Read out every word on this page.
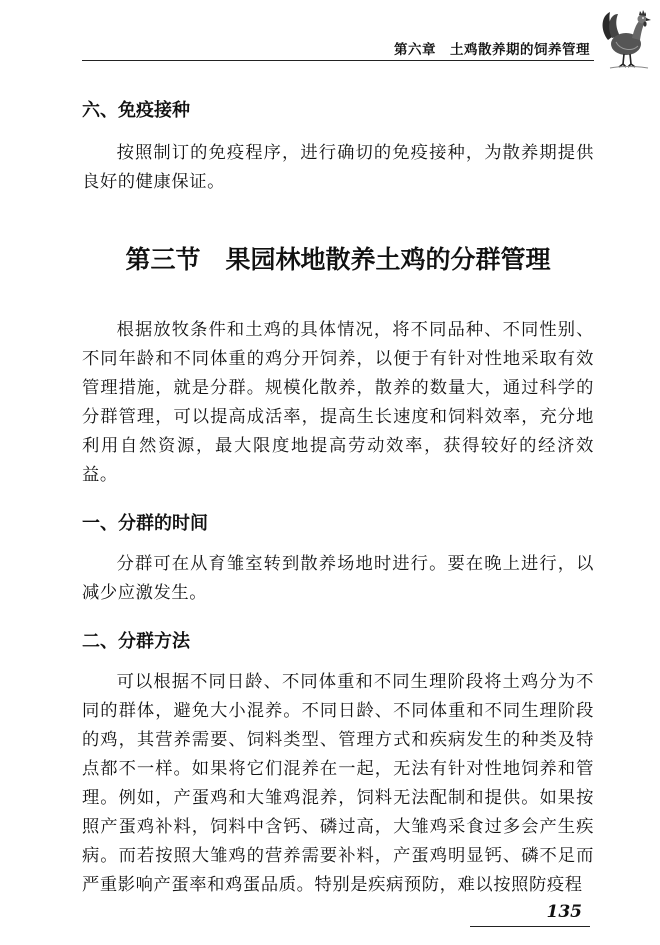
第六章　土鸡散养期的饲养管理
六、免疫接种

按照制订的免疫程序，进行确切的免疫接种，为散养期提供良好的健康保证。

第三节　果园林地散养土鸡的分群管理

根据放牧条件和土鸡的具体情况，将不同品种、不同性别、不同年龄和不同体重的鸡分开饲养，以便于有针对性地采取有效管理措施，就是分群。规模化散养，散养的数量大，通过科学的分群管理，可以提高成活率，提高生长速度和饲料效率，充分地利用自然资源，最大限度地提高劳动效率，获得较好的经济效益。

一、分群的时间

分群可在从育雏室转到散养场地时进行。要在晚上进行，以减少应激发生。

二、分群方法

可以根据不同日龄、不同体重和不同生理阶段将土鸡分为不同的群体，避免大小混养。不同日龄、不同体重和不同生理阶段的鸡，其营养需要、饲料类型、管理方式和疾病发生的种类及特点都不一样。如果将它们混养在一起，无法有针对性地饲养和管理。例如，产蛋鸡和大雏鸡混养，饲料无法配制和提供。如果按照产蛋鸡补料，饲料中含钙、磷过高，大雏鸡采食过多会产生疾病。而若按照大雏鸡的营养需要补料，产蛋鸡明显钙、磷不足而严重影响产蛋率和鸡蛋品质。特别是疾病预防，难以按照防疫程

135
